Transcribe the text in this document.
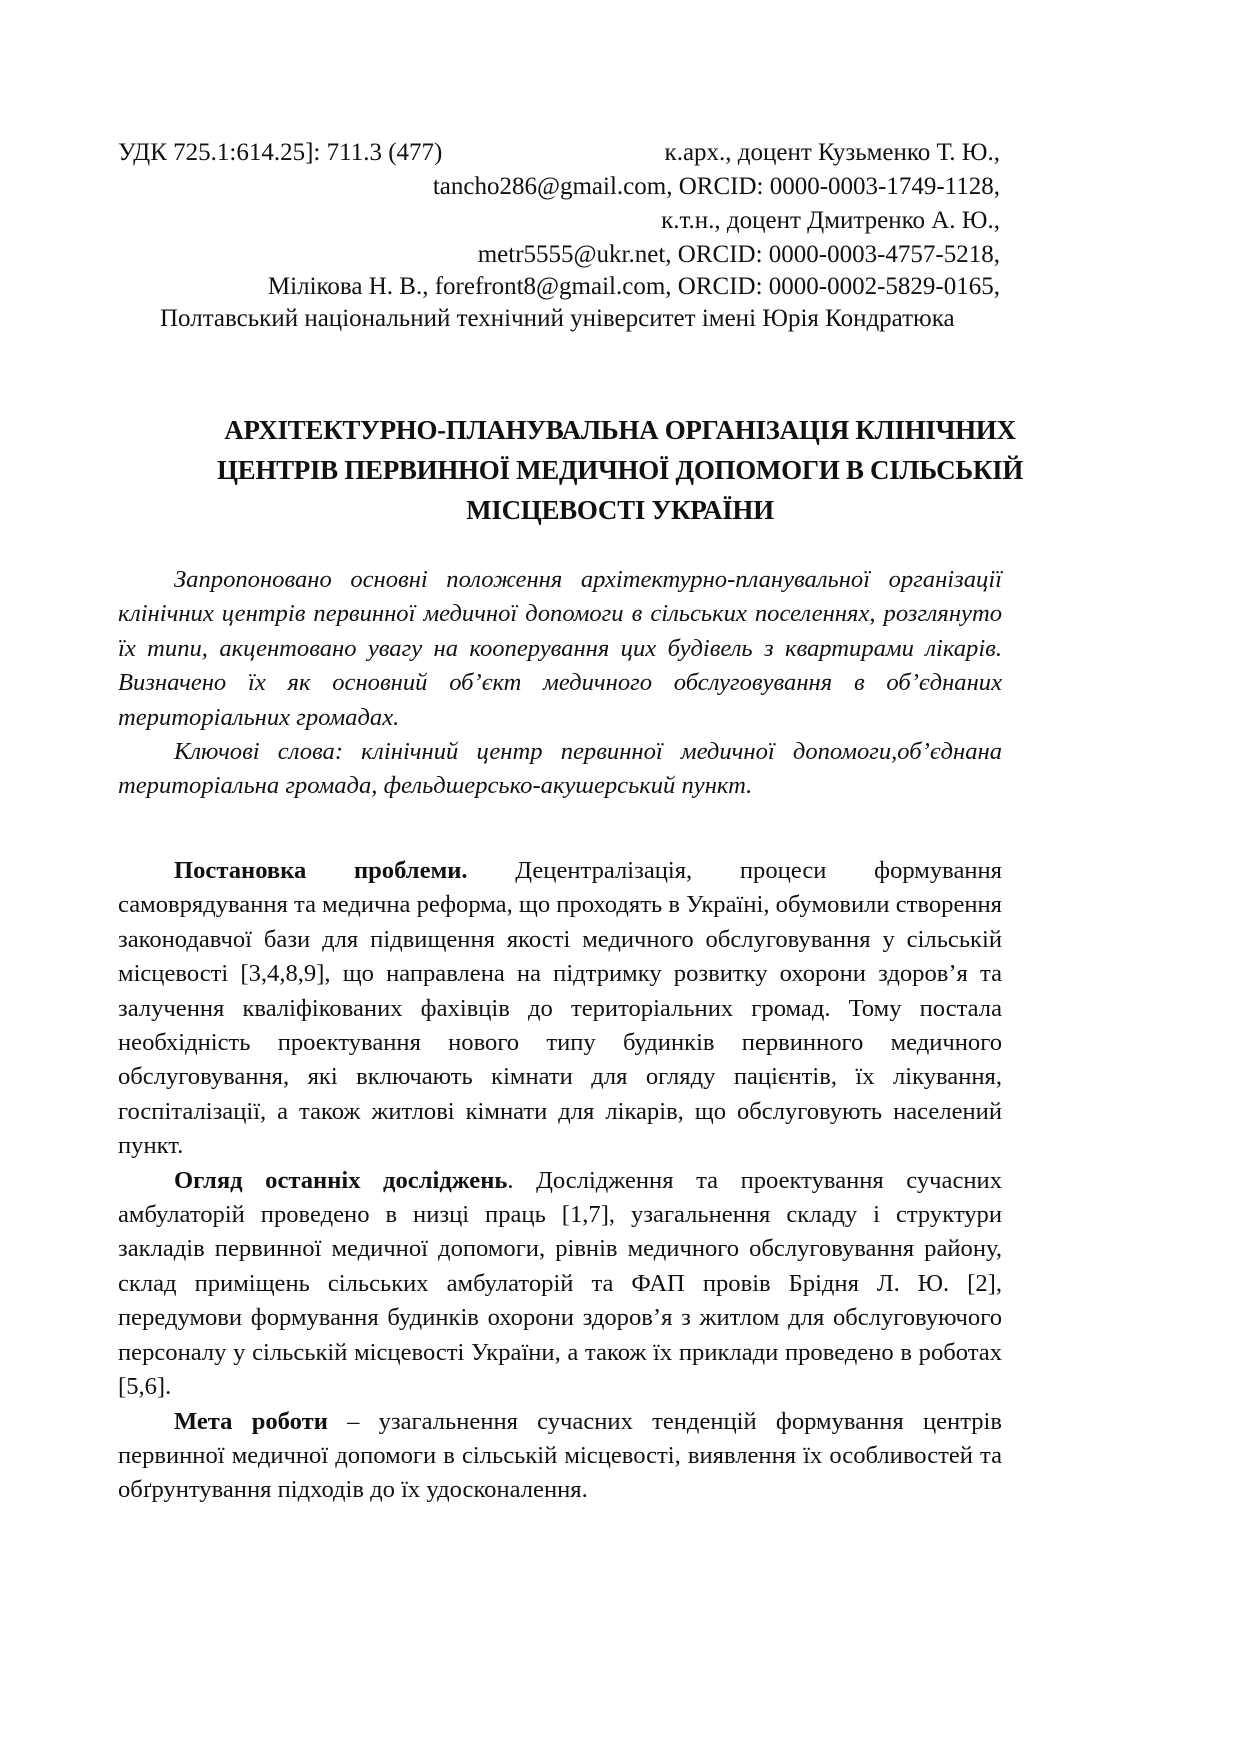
УДК 725.1:614.25]: 711.3 (477)	к.арх., доцент Кузьменко Т. Ю.,
tancho286@gmail.com, ORCID: 0000-0003-1749-1128,
к.т.н., доцент Дмитренко А. Ю.,
metr5555@ukr.net, ORCID: 0000-0003-4757-5218,
Мілікова Н. В., forefront8@gmail.com, ORCID: 0000-0002-5829-0165,
Полтавський національний технічний університет імені Юрія Кондратюка
АРХІТЕКТУРНО-ПЛАНУВАЛЬНА ОРГАНІЗАЦІЯ КЛІНІЧНИХ
ЦЕНТРІВ ПЕРВИННОЇ МЕДИЧНОЇ ДОПОМОГИ В СІЛЬСЬКІЙ
МІСЦЕВОСТІ УКРАЇНИ

Запропоновано основні положення архітектурно-планувальної організації клінічних центрів первинної медичної допомоги в сільських поселеннях, розглянуто їх типи, акцентовано увагу на кооперування цих будівель з квартирами лікарів. Визначено їх як основний об’єкт медичного обслуговування в об’єднаних територіальних громадах.

Ключові слова: клінічний центр первинної медичної допомоги,об’єднана територіальна громада, фельдшерсько-акушерський пункт.

Постановка проблеми. Децентралізація, процеси формування самоврядування та медична реформа, що проходять в Україні, обумовили створення законодавчої бази для підвищення якості медичного обслуговування у сільській місцевості [3,4,8,9], що направлена на підтримку розвитку охорони здоров’я та залучення кваліфікованих фахівців до територіальних громад. Тому постала необхідність проектування нового типу будинків первинного медичного обслуговування, які включають кімнати для огляду пацієнтів, їх лікування, госпіталізації, а також житлові кімнати для лікарів, що обслуговують населений пункт.

Огляд останніх досліджень. Дослідження та проектування сучасних амбулаторій проведено в низці праць [1,7], узагальнення складу і структури закладів первинної медичної допомоги, рівнів медичного обслуговування району, склад приміщень сільських амбулаторій та ФАП провів Брідня Л. Ю. [2], передумови формування будинків охорони здоров’я з житлом для обслуговуючого персоналу у сільській місцевості України, а також їх приклади проведено в роботах [5,6].

Мета роботи – узагальнення сучасних тенденцій формування центрів первинної медичної допомоги в сільській місцевості, виявлення їх особливостей та обґрунтування підходів до їх удосконалення.
